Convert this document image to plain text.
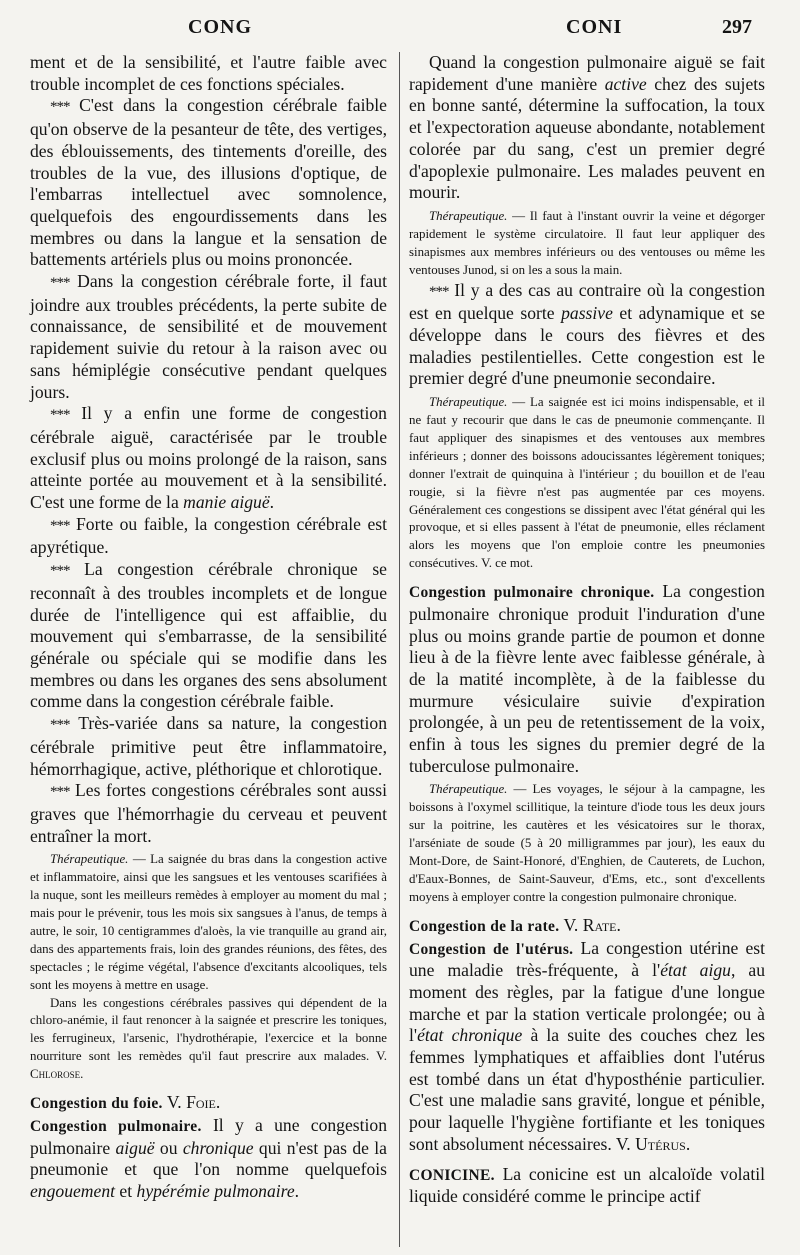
CONG	CONI	297

ment et de la sensibilité, et l'autre faible avec trouble incomplet de ces fonctions spéciales.

*** C'est dans la congestion cérébrale faible qu'on observe de la pesanteur de tête, des vertiges, des éblouissements, des tintements d'oreille, des troubles de la vue, des illusions d'optique, de l'embarras intellectuel avec somnolence, quelquefois des engourdissements dans les membres ou dans la langue et la sensation de battements artériels plus ou moins prononcée.

*** Dans la congestion cérébrale forte, il faut joindre aux troubles précédents, la perte subite de connaissance, de sensibilité et de mouvement rapidement suivie du retour à la raison avec ou sans hémiplégie consécutive pendant quelques jours.

*** Il y a enfin une forme de congestion cérébrale aiguë, caractérisée par le trouble exclusif plus ou moins prolongé de la raison, sans atteinte portée au mouvement et à la sensibilité. C'est une forme de la manie aiguë.

*** Forte ou faible, la congestion cérébrale est apyrétique.

*** La congestion cérébrale chronique se reconnaît à des troubles incomplets et de longue durée de l'intelligence qui est affaiblie, du mouvement qui s'embarrasse, de la sensibilité générale ou spéciale qui se modifie dans les membres ou dans les organes des sens absolument comme dans la congestion cérébrale faible.

*** Très-variée dans sa nature, la congestion cérébrale primitive peut être inflammatoire, hémorrhagique, active, pléthorique et chlorotique.

*** Les fortes congestions cérébrales sont aussi graves que l'hémorrhagie du cerveau et peuvent entraîner la mort.

Thérapeutique. — La saignée du bras dans la congestion active et inflammatoire, ainsi que les sangsues et les ventouses scarifiées à la nuque, sont les meilleurs remèdes à employer au moment du mal ; mais pour le prévenir, tous les mois six sangsues à l'anus, de temps à autre, le soir, 10 centigrammes d'aloès, la vie tranquille au grand air, dans des appartements frais, loin des grandes réunions, des fêtes, des spectacles ; le régime végétal, l'absence d'excitants alcooliques, tels sont les moyens à mettre en usage.

Dans les congestions cérébrales passives qui dépendent de la chloro-anémie, il faut renoncer à la saignée et prescrire les toniques, les ferrugineux, l'arsenic, l'hydrothérapie, l'exercice et la bonne nourriture sont les remèdes qu'il faut prescrire aux malades. V. Chlorose.

Congestion du foie. V. Foie.

Congestion pulmonaire. Il y a une congestion pulmonaire aiguë ou chronique qui n'est pas de la pneumonie et que l'on nomme quelquefois engouement et hypérémie pulmonaire.

Quand la congestion pulmonaire aiguë se fait rapidement d'une manière active chez des sujets en bonne santé, détermine la suffocation, la toux et l'expectoration aqueuse abondante, notablement colorée par du sang, c'est un premier degré d'apoplexie pulmonaire. Les malades peuvent en mourir.

Thérapeutique. — Il faut à l'instant ouvrir la veine et dégorger rapidement le système circulatoire. Il faut leur appliquer des sinapismes aux membres inférieurs ou des ventouses ou même les ventouses Junod, si on les a sous la main.

*** Il y a des cas au contraire où la congestion est en quelque sorte passive et adynamique et se développe dans le cours des fièvres et des maladies pestilentielles. Cette congestion est le premier degré d'une pneumonie secondaire.

Thérapeutique. — La saignée est ici moins indispensable, et il ne faut y recourir que dans le cas de pneumonie commençante. Il faut appliquer des sinapismes et des ventouses aux membres inférieurs ; donner des boissons adoucissantes légèrement toniques; donner l'extrait de quinquina à l'intérieur ; du bouillon et de l'eau rougie, si la fièvre n'est pas augmentée par ces moyens. Généralement ces congestions se dissipent avec l'état général qui les provoque, et si elles passent à l'état de pneumonie, elles réclament alors les moyens que l'on emploie contre les pneumonies consécutives. V. ce mot.

Congestion pulmonaire chronique. La congestion pulmonaire chronique produit l'induration d'une plus ou moins grande partie de poumon et donne lieu à de la fièvre lente avec faiblesse générale, à de la matité incomplète, à de la faiblesse du murmure vésiculaire suivie d'expiration prolongée, à un peu de retentissement de la voix, enfin à tous les signes du premier degré de la tuberculose pulmonaire.

Thérapeutique. — Les voyages, le séjour à la campagne, les boissons à l'oxymel scillitique, la teinture d'iode tous les deux jours sur la poitrine, les cautères et les vésicatoires sur le thorax, l'arséniate de soude (5 à 20 milligrammes par jour), les eaux du Mont-Dore, de Saint-Honoré, d'Enghien, de Cauterets, de Luchon, d'Eaux-Bonnes, de Saint-Sauveur, d'Ems, etc., sont d'excellents moyens à employer contre la congestion pulmonaire chronique.

Congestion de la rate. V. Rate.

Congestion de l'utérus. La congestion utérine est une maladie très-fréquente, à l'état aigu, au moment des règles, par la fatigue d'une longue marche et par la station verticale prolongée; ou à l'état chronique à la suite des couches chez les femmes lymphatiques et affaiblies dont l'utérus est tombé dans un état d'hyposthénie particulier. C'est une maladie sans gravité, longue et pénible, pour laquelle l'hygiène fortifiante et les toniques sont absolument nécessaires. V. Utérus.

CONICINE. La conicine est un alcaloïde volatil liquide considéré comme le principe actif
